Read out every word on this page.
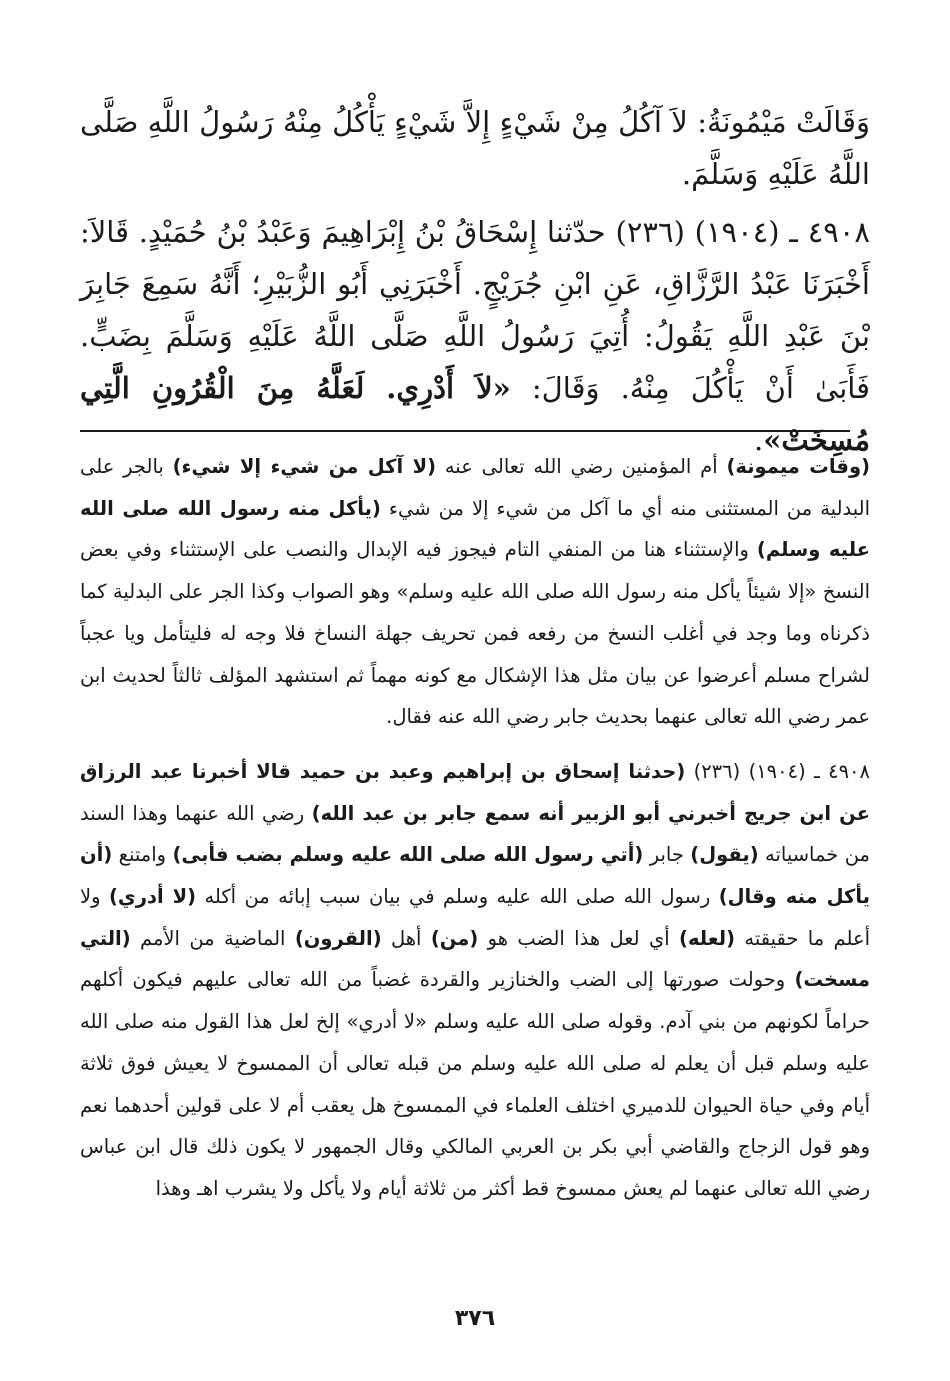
وَقَالَتْ مَيْمُونَةُ: لاَ آكُلُ مِنْ شَيْءٍ إِلاَّ شَيْءٍ يَأْكُلُ مِنْهُ رَسُولُ اللَّهِ صَلَّى اللَّهُ عَلَيْهِ وَسَلَّمَ.

٤٩٠٨ ـ (١٩٠٤) (٢٣٦) حدّثنا إِسْحَاقُ بْنُ إِبْرَاهِيمَ وَعَبْدُ بْنُ حُمَيْدٍ. قَالاَ: أَخْبَرَنَا عَبْدُ الرَّزَّاقِ، عَنِ ابْنِ جُرَيْجٍ. أَخْبَرَنِي أَبُو الزُّبَيْرِ؛ أَنَّهُ سَمِعَ جَابِرَ بْنَ عَبْدِ اللَّهِ يَقُولُ: أُتِيَ رَسُولُ اللَّهِ صَلَّى اللَّهُ عَلَيْهِ وَسَلَّمَ بِضَبٍّ. فَأَبَىٰ أَنْ يَأْكُلَ مِنْهُ. وَقَالَ: «لاَ أَدْرِي. لَعَلَّهُ مِنَ الْقُرُونِ الَّتِي مُسِخَتْ».

(وقات ميمونة) أم المؤمنين رضي الله تعالى عنه (لا آكل من شيء إلا شيء) بالجر على البدلية من المستثنى منه أي ما آكل من شيء إلا من شيء (يأكل منه رسول الله صلى الله عليه وسلم) والإستثناء هنا من المنفي التام فيجوز فيه الإبدال والنصب على الإستثناء وفي بعض النسخ «إلا شيئاً يأكل منه رسول الله صلى الله عليه وسلم» وهو الصواب وكذا الجر على البدلية كما ذكرناه وما وجد في أغلب النسخ من رفعه فمن تحريف جهلة النساخ فلا وجه له فليتأمل ويا عجباً لشراح مسلم أعرضوا عن بيان مثل هذا الإشكال مع كونه مهماً ثم استشهد المؤلف ثالثاً لحديث ابن عمر رضي الله تعالى عنهما بحديث جابر رضي الله عنه فقال.

٤٩٠٨ ـ (١٩٠٤) (٢٣٦) (حدثنا إسحاق بن إبراهيم وعبد بن حميد قالا أخبرنا عبد الرزاق عن ابن جريج أخبرني أبو الزبير أنه سمع جابر بن عبد الله) رضي الله عنهما وهذا السند من خماسياته (يقول) جابر (أتي رسول الله صلى الله عليه وسلم بضب فأبى) وامتنع (أن يأكل منه وقال) رسول الله صلى الله عليه وسلم في بيان سبب إبائه من أكله (لا أدري) ولا أعلم ما حقيقته (لعله) أي لعل هذا الضب هو (من) أهل (القرون) الماضية من الأمم (التي مسخت) وحولت صورتها إلى الضب والخنازير والقردة غضباً من الله تعالى عليهم فيكون أكلهم حراماً لكونهم من بني آدم. وقوله صلى الله عليه وسلم «لا أدري» إلخ لعل هذا القول منه صلى الله عليه وسلم قبل أن يعلم له صلى الله عليه وسلم من قبله تعالى أن الممسوخ لا يعيش فوق ثلاثة أيام وفي حياة الحيوان للدميري اختلف العلماء في الممسوخ هل يعقب أم لا على قولين أحدهما نعم وهو قول الزجاج والقاضي أبي بكر بن العربي المالكي وقال الجمهور لا يكون ذلك قال ابن عباس رضي الله تعالى عنهما لم يعش ممسوخ قط أكثر من ثلاثة أيام ولا يأكل ولا يشرب اهـ وهذا

٣٧٦
